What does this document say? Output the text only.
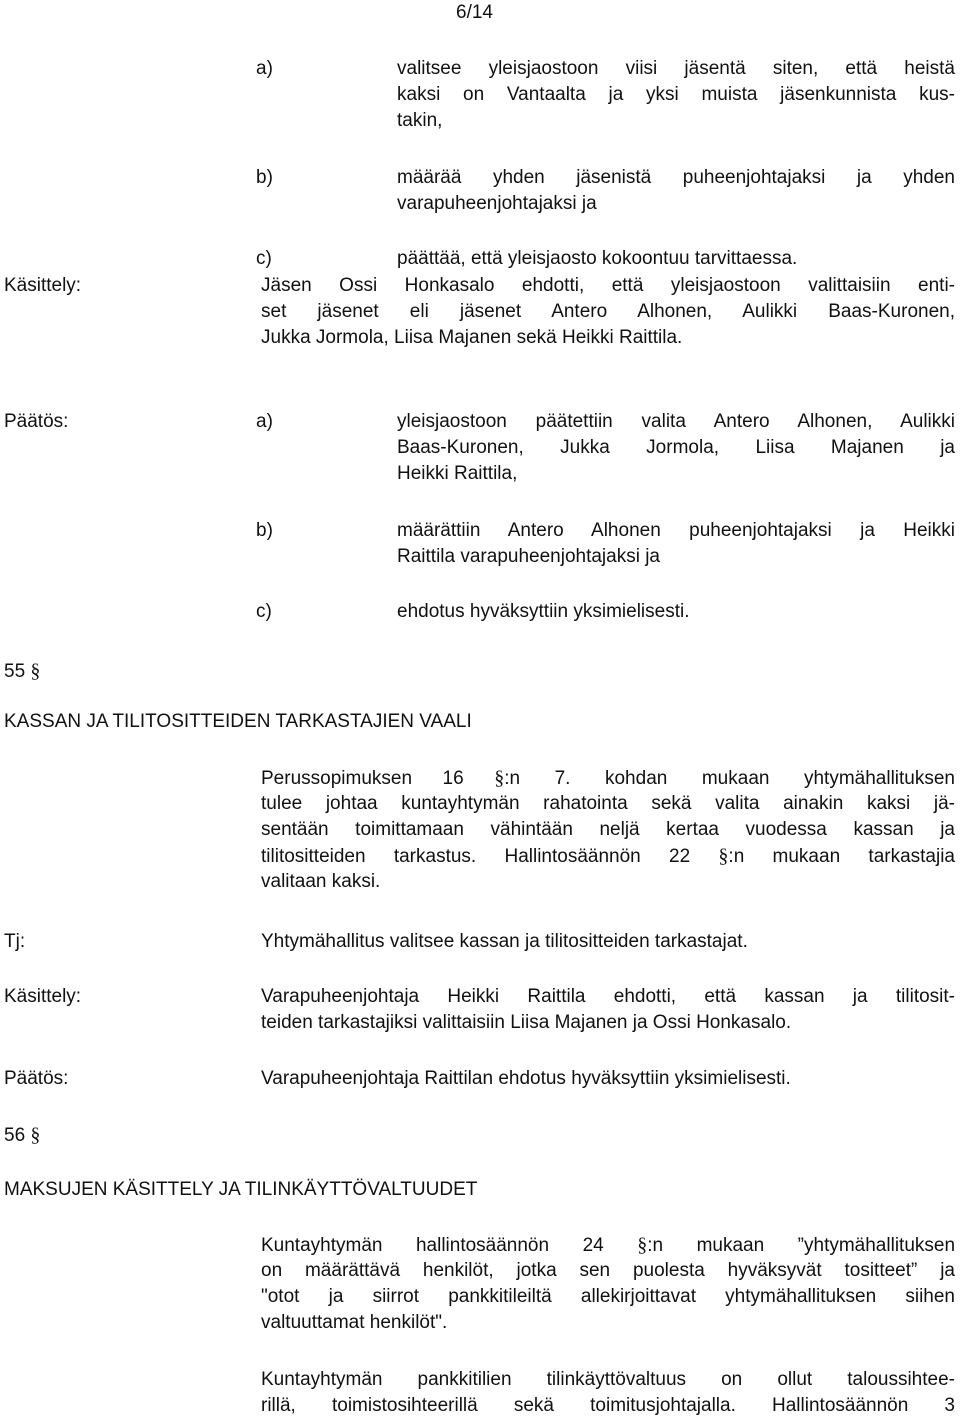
6/14
a)	valitsee yleisjaostoon viisi jäsentä siten, että heistä
kaksi on Vantaalta ja yksi muista jäsenkunnista kus-
takin,
b)	määrää yhden jäsenistä puheenjohtajaksi ja yhden
varapuheenjohtajaksi ja
c)	päättää, että yleisjaosto kokoontuu tarvittaessa.
Käsittely:	Jäsen Ossi Honkasalo ehdotti, että yleisjaostoon valittaisiin enti-
set jäsenet eli jäsenet Antero Alhonen, Aulikki Baas-Kuronen,
Jukka Jormola, Liisa Majanen sekä Heikki Raittila.
Päätös:	a)	yleisjaostoon päätettiin valita Antero Alhonen, Aulikki
Baas-Kuronen, Jukka Jormola, Liisa Majanen ja
Heikki Raittila,
b)	määrättiin Antero Alhonen puheenjohtajaksi ja Heikki
Raittila varapuheenjohtajaksi ja
c)	ehdotus hyväksyttiin yksimielisesti.
55 §
KASSAN JA TILITOSITTEIDEN TARKASTAJIEN VAALI
Perussopimuksen 16 §:n 7. kohdan mukaan yhtymähallituksen
tulee johtaa kuntayhtymän rahatointa sekä valita ainakin kaksi jä-
sentään toimittamaan vähintään neljä kertaa vuodessa kassan ja
tilitositteiden tarkastus. Hallintosäännön 22 §:n mukaan tarkastajia
valitaan kaksi.
Tj:	Yhtymähallitus valitsee kassan ja tilitositteiden tarkastajat.
Käsittely:	Varapuheenjohtaja Heikki Raittila ehdotti, että kassan ja tilitosit-
teiden tarkastajiksi valittaisiin Liisa Majanen ja Ossi Honkasalo.
Päätös:	Varapuheenjohtaja Raittilan ehdotus hyväksyttiin yksimielisesti.
56 §
MAKSUJEN KÄSITTELY JA TILINKÄYTTÖVALTUUDET
Kuntayhtymän hallintosäännön 24 §:n mukaan ”yhtymähallituksen
on määrättävä henkilöt, jotka sen puolesta hyväksyvät tositteet” ja
"otot ja siirrot pankkitileiltä allekirjoittavat yhtymähallituksen siihen
valtuuttamat henkilöt".
Kuntayhtymän pankkitilien tilinkäyttövaltuus on ollut taloussihtee-
rillä, toimistosihteerillä sekä toimitusjohtajalla. Hallintosäännön 3
